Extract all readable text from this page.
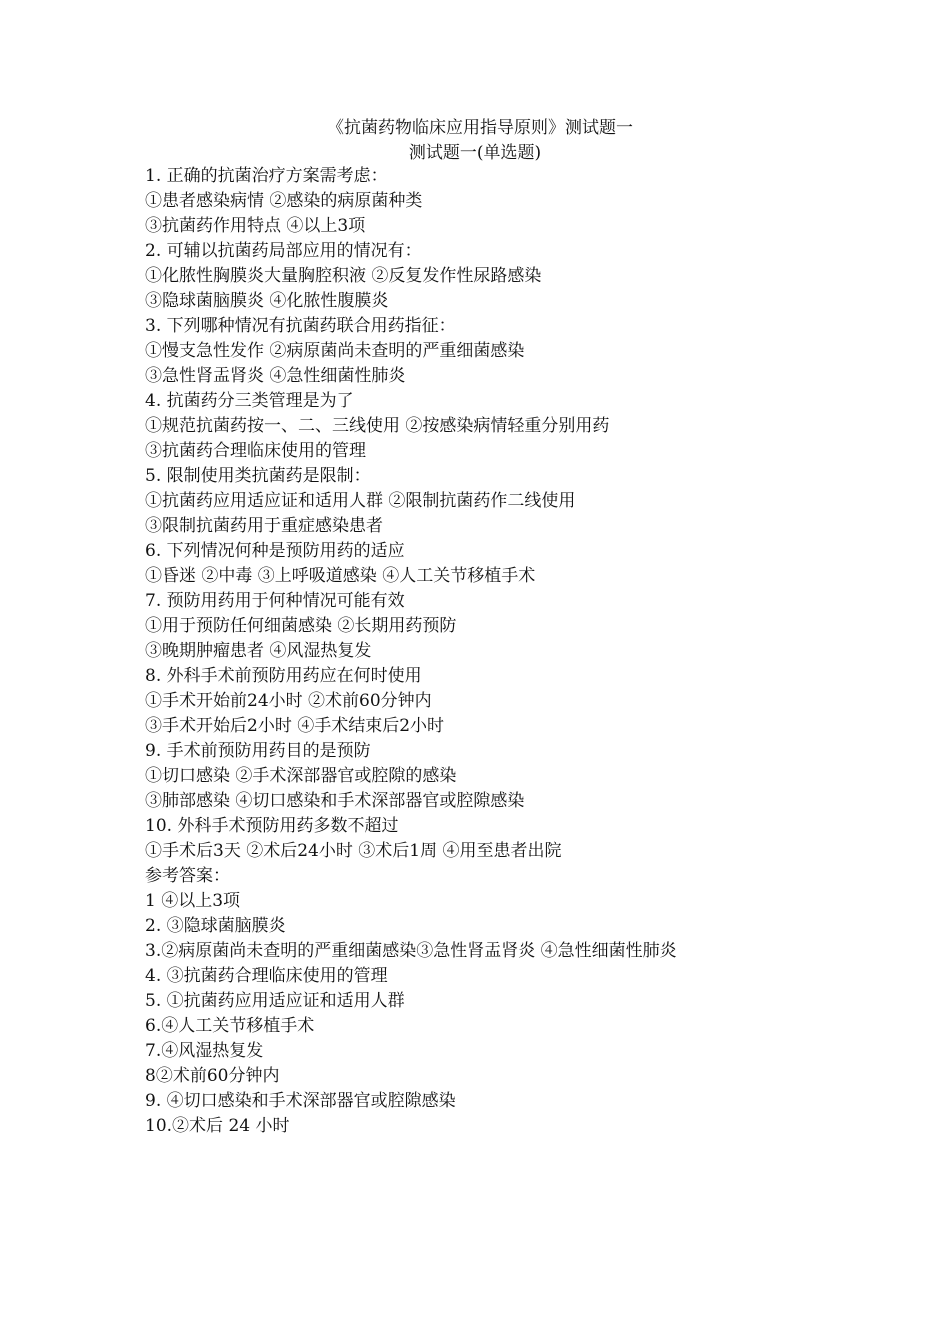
《抗菌药物临床应用指导原则》测试题一
测试题一(单选题)
1. 正确的抗菌治疗方案需考虑：
①患者感染病情 ②感染的病原菌种类
③抗菌药作用特点 ④以上3项
2. 可辅以抗菌药局部应用的情况有：
①化脓性胸膜炎大量胸腔积液 ②反复发作性尿路感染
③隐球菌脑膜炎 ④化脓性腹膜炎
3. 下列哪种情况有抗菌药联合用药指征：
①慢支急性发作 ②病原菌尚未查明的严重细菌感染
③急性肾盂肾炎 ④急性细菌性肺炎
4. 抗菌药分三类管理是为了
①规范抗菌药按一、二、三线使用 ②按感染病情轻重分别用药
③抗菌药合理临床使用的管理
5. 限制使用类抗菌药是限制：
①抗菌药应用适应证和适用人群 ②限制抗菌药作二线使用
③限制抗菌药用于重症感染患者
6. 下列情况何种是预防用药的适应
①昏迷 ②中毒 ③上呼吸道感染 ④人工关节移植手术
7. 预防用药用于何种情况可能有效
①用于预防任何细菌感染 ②长期用药预防
③晚期肿瘤患者 ④风湿热复发
8. 外科手术前预防用药应在何时使用
①手术开始前24小时 ②术前60分钟内
③手术开始后2小时 ④手术结束后2小时
9. 手术前预防用药目的是预防
①切口感染 ②手术深部器官或腔隙的感染
③肺部感染 ④切口感染和手术深部器官或腔隙感染
10. 外科手术预防用药多数不超过
①手术后3天 ②术后24小时 ③术后1周 ④用至患者出院
参考答案：
1 ④以上3项
2. ③隐球菌脑膜炎
3.②病原菌尚未查明的严重细菌感染③急性肾盂肾炎 ④急性细菌性肺炎
4. ③抗菌药合理临床使用的管理
5. ①抗菌药应用适应证和适用人群
6.④人工关节移植手术
7.④风湿热复发
8②术前60分钟内
9. ④切口感染和手术深部器官或腔隙感染
10.②术后 24 小时
